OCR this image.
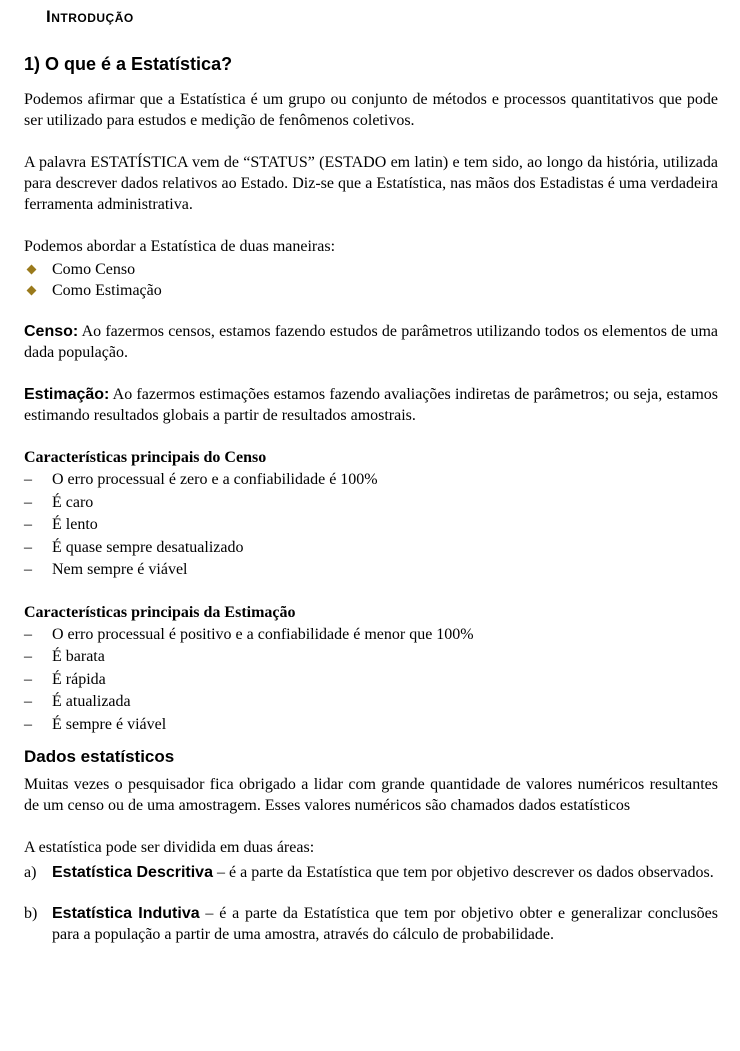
Introdução
1) O que é a Estatística?

Podemos afirmar que a Estatística é um grupo ou conjunto de métodos e processos quantitativos que pode ser utilizado para estudos e medição de fenômenos coletivos.

A palavra ESTATÍSTICA vem de “STATUS” (ESTADO em latin) e tem sido, ao longo da história, utilizada para descrever dados relativos ao Estado. Diz-se que a Estatística, nas mãos dos Estadistas é uma verdadeira ferramenta administrativa.

Podemos abordar a Estatística de duas maneiras:

Como Censo
Como Estimação

Censo: Ao fazermos censos, estamos fazendo estudos de parâmetros utilizando todos os elementos de uma dada população.

Estimação: Ao fazermos estimações estamos fazendo avaliações indiretas de parâmetros; ou seja, estamos estimando resultados globais a partir de resultados amostrais.

Características principais do Censo
– O erro processual é zero e a confiabilidade é 100%
– É caro
– É lento
– É quase sempre desatualizado
– Nem sempre é viável
Características principais da Estimação
– O erro processual é positivo e a confiabilidade é menor que 100%
– É barata
– É rápida
– É atualizada
– É sempre é viável
Dados estatísticos

Muitas vezes o pesquisador fica obrigado a lidar com grande quantidade de valores numéricos resultantes de um censo ou de uma amostragem. Esses valores numéricos são chamados dados estatísticos

A estatística pode ser dividida em duas áreas:

a) Estatística Descritiva – é a parte da Estatística que tem por objetivo descrever os dados observados.

b) Estatística Indutiva – é a parte da Estatística que tem por objetivo obter e generalizar conclusões para a população a partir de uma amostra, através do cálculo de probabilidade.
